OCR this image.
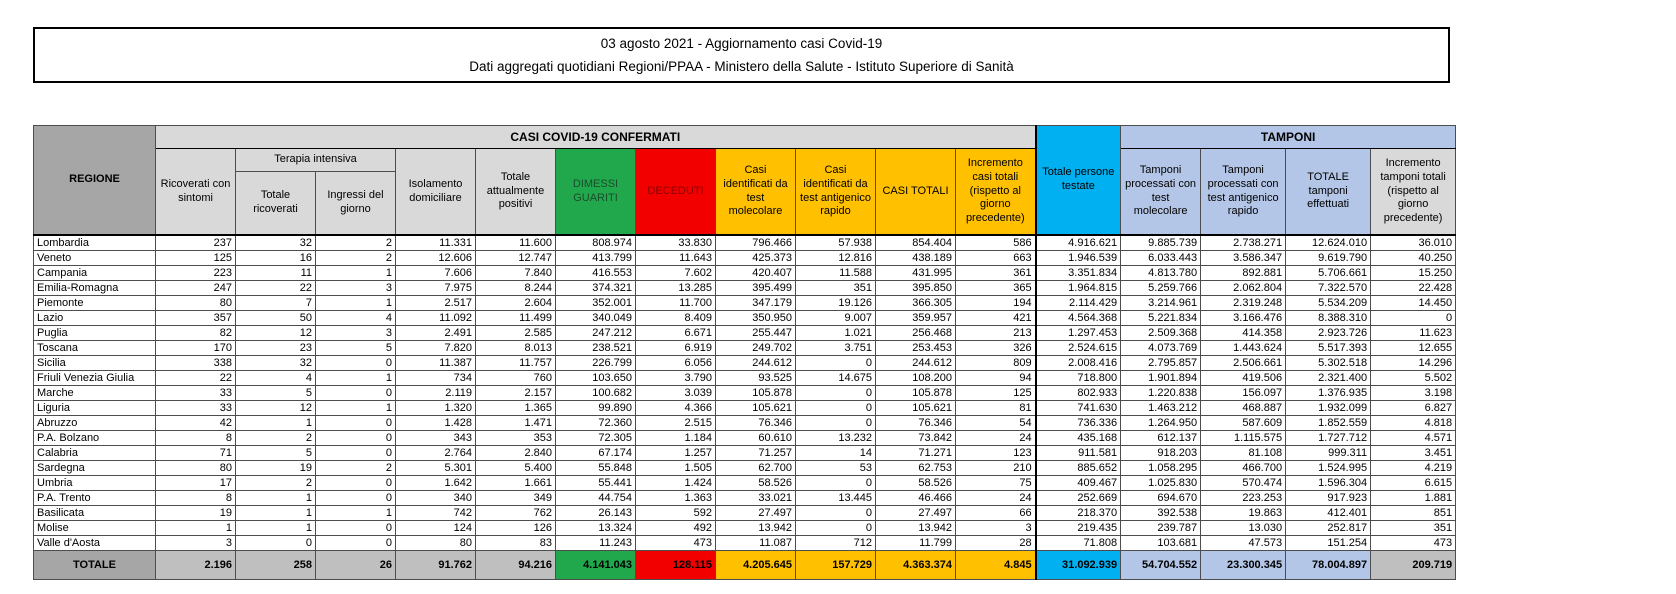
03 agosto 2021 - Aggiornamento casi Covid-19
Dati aggregati quotidiani Regioni/PPAA - Ministero della Salute - Istituto Superiore di Sanità
REGIONE	CASI COVID-19 CONFERMATI											Totale persone testate	TAMPONI			
	Ricoverati con sintomi	Terapia intensiva		Isolamento domiciliare	Totale attualmente positivi	DIMESSI GUARITI	DECEDUTI	Casi identificati da test molecolare	Casi identificati da test antigenico rapido	CASI TOTALI	Incremento casi totali (rispetto al giorno precedente)		Tamponi processati con test molecolare	Tamponi processati con test antigenico rapido	TOTALE tamponi effettuati	Incremento tamponi totali (rispetto al giorno precedente)
		Totale ricoverati	Ingressi del giorno													
Lombardia	237	32	2	11.331	11.600	808.974	33.830	796.466	57.938	854.404	586	4.916.621	9.885.739	2.738.271	12.624.010	36.010
Veneto	125	16	2	12.606	12.747	413.799	11.643	425.373	12.816	438.189	663	1.946.539	6.033.443	3.586.347	9.619.790	40.250
Campania	223	11	1	7.606	7.840	416.553	7.602	420.407	11.588	431.995	361	3.351.834	4.813.780	892.881	5.706.661	15.250
Emilia-Romagna	247	22	3	7.975	8.244	374.321	13.285	395.499	351	395.850	365	1.964.815	5.259.766	2.062.804	7.322.570	22.428
Piemonte	80	7	1	2.517	2.604	352.001	11.700	347.179	19.126	366.305	194	2.114.429	3.214.961	2.319.248	5.534.209	14.450
Lazio	357	50	4	11.092	11.499	340.049	8.409	350.950	9.007	359.957	421	4.564.368	5.221.834	3.166.476	8.388.310	0
Puglia	82	12	3	2.491	2.585	247.212	6.671	255.447	1.021	256.468	213	1.297.453	2.509.368	414.358	2.923.726	11.623
Toscana	170	23	5	7.820	8.013	238.521	6.919	249.702	3.751	253.453	326	2.524.615	4.073.769	1.443.624	5.517.393	12.655
Sicilia	338	32	0	11.387	11.757	226.799	6.056	244.612	0	244.612	809	2.008.416	2.795.857	2.506.661	5.302.518	14.296
Friuli Venezia Giulia	22	4	1	734	760	103.650	3.790	93.525	14.675	108.200	94	718.800	1.901.894	419.506	2.321.400	5.502
Marche	33	5	0	2.119	2.157	100.682	3.039	105.878	0	105.878	125	802.933	1.220.838	156.097	1.376.935	3.198
Liguria	33	12	1	1.320	1.365	99.890	4.366	105.621	0	105.621	81	741.630	1.463.212	468.887	1.932.099	6.827
Abruzzo	42	1	0	1.428	1.471	72.360	2.515	76.346	0	76.346	54	736.336	1.264.950	587.609	1.852.559	4.818
P.A. Bolzano	8	2	0	343	353	72.305	1.184	60.610	13.232	73.842	24	435.168	612.137	1.115.575	1.727.712	4.571
Calabria	71	5	0	2.764	2.840	67.174	1.257	71.257	14	71.271	123	911.581	918.203	81.108	999.311	3.451
Sardegna	80	19	2	5.301	5.400	55.848	1.505	62.700	53	62.753	210	885.652	1.058.295	466.700	1.524.995	4.219
Umbria	17	2	0	1.642	1.661	55.441	1.424	58.526	0	58.526	75	409.467	1.025.830	570.474	1.596.304	6.615
P.A. Trento	8	1	0	340	349	44.754	1.363	33.021	13.445	46.466	24	252.669	694.670	223.253	917.923	1.881
Basilicata	19	1	1	742	762	26.143	592	27.497	0	27.497	66	218.370	392.538	19.863	412.401	851
Molise	1	1	0	124	126	13.324	492	13.942	0	13.942	3	219.435	239.787	13.030	252.817	351
Valle d'Aosta	3	0	0	80	83	11.243	473	11.087	712	11.799	28	71.808	103.681	47.573	151.254	473
TOTALE	2.196	258	26	91.762	94.216	4.141.043	128.115	4.205.645	157.729	4.363.374	4.845	31.092.939	54.704.552	23.300.345	78.004.897	209.719
